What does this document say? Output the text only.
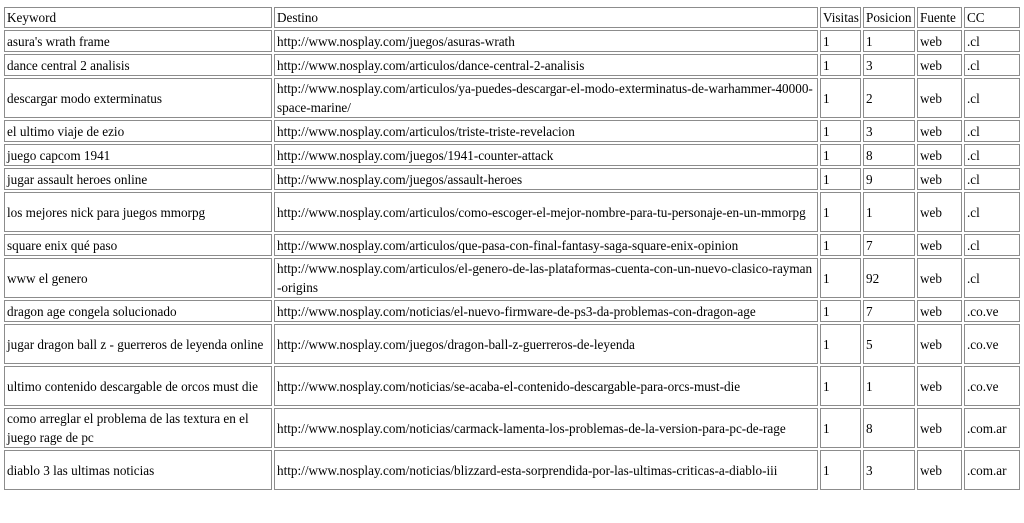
Keyword	Destino	Visitas	Posicion	Fuente	CC
asura's wrath frame	http://www.nosplay.com/juegos/asuras-wrath	1	1	web	.cl
dance central 2 analisis	http://www.nosplay.com/articulos/dance-central-2-analisis	1	3	web	.cl
descargar modo exterminatus	http://www.nosplay.com/articulos/ya-puedes-descargar-el-modo-exterminatus-de-warhammer-40000-space-marine/	1	2	web	.cl
el ultimo viaje de ezio	http://www.nosplay.com/articulos/triste-triste-revelacion	1	3	web	.cl
juego capcom 1941	http://www.nosplay.com/juegos/1941-counter-attack	1	8	web	.cl
jugar assault heroes online	http://www.nosplay.com/juegos/assault-heroes	1	9	web	.cl
los mejores nick para juegos mmorpg	http://www.nosplay.com/articulos/como-escoger-el-mejor-nombre-para-tu-personaje-en-un-mmorpg	1	1	web	.cl
square enix qué paso	http://www.nosplay.com/articulos/que-pasa-con-final-fantasy-saga-square-enix-opinion	1	7	web	.cl
www el genero	http://www.nosplay.com/articulos/el-genero-de-las-plataformas-cuenta-con-un-nuevo-clasico-rayman-origins	1	92	web	.cl
dragon age congela solucionado	http://www.nosplay.com/noticias/el-nuevo-firmware-de-ps3-da-problemas-con-dragon-age	1	7	web	.co.ve
jugar dragon ball z - guerreros de leyenda online	http://www.nosplay.com/juegos/dragon-ball-z-guerreros-de-leyenda	1	5	web	.co.ve
ultimo contenido descargable de orcos must die	http://www.nosplay.com/noticias/se-acaba-el-contenido-descargable-para-orcs-must-die	1	1	web	.co.ve
como arreglar el problema de las textura en el juego rage de pc	http://www.nosplay.com/noticias/carmack-lamenta-los-problemas-de-la-version-para-pc-de-rage	1	8	web	.com.ar
diablo 3 las ultimas noticias	http://www.nosplay.com/noticias/blizzard-esta-sorprendida-por-las-ultimas-criticas-a-diablo-iii	1	3	web	.com.ar
